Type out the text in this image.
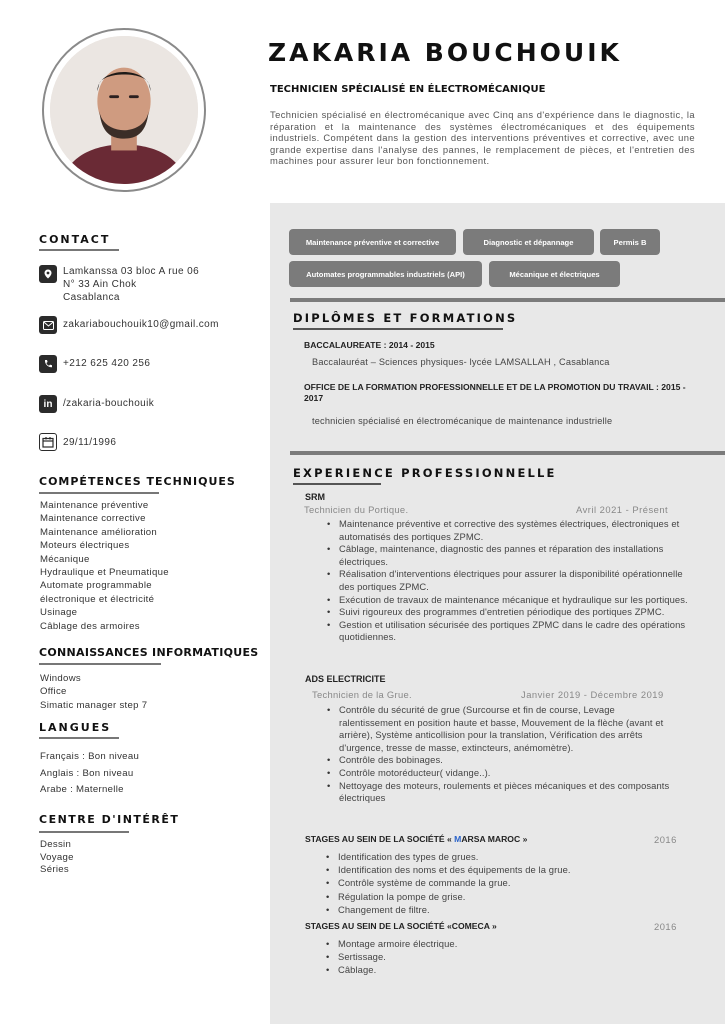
ZAKARIA BOUCHOUIK
TECHNICIEN SPÉCIALISÉ EN ÉLECTROMÉCANIQUE
Technicien spécialisé en électromécanique avec Cinq ans d'expérience dans le diagnostic, la réparation et la maintenance des systèmes électromécaniques et des équipements industriels. Compétent dans la gestion des interventions préventives et corrective, avec une grande expertise dans l'analyse des pannes, le remplacement de pièces, et l'entretien des machines pour assurer leur bon fonctionnement.
CONTACT
Lamkanssa 03 bloc A rue 06
N° 33 Ain Chok
Casablanca
zakariabouchouik10@gmail.com
+212 625 420 256
in	/zakaria-bouchouik
29/11/1996
COMPÉTENCES TECHNIQUES
Maintenance préventive
Maintenance corrective
Maintenance amélioration
Moteurs électriques
Mécanique
Hydraulique et Pneumatique
Automate programmable
électronique et électricité
Usinage
Câblage des armoires
CONNAISSANCES INFORMATIQUES
Windows
Office
Simatic manager step 7
LANGUES
Français : Bon niveau
Anglais : Bon niveau
Arabe : Maternelle
CENTRE D'INTÉRÊT
Dessin
Voyage
Séries
Maintenance préventive et corrective	Diagnostic et dépannage	Permis B
Automates programmables industriels (API)	Mécanique et électriques
DIPLÔMES ET FORMATIONS
BACCALAUREATE : 2014 - 2015
Baccalauréat – Sciences physiques- lycée LAMSALLAH , Casablanca
OFFICE DE LA FORMATION PROFESSIONNELLE ET DE LA PROMOTION DU TRAVAIL : 2015 - 2017
technicien spécialisé en électromécanique de maintenance industrielle
EXPERIENCE PROFESSIONNELLE
SRM
Technicien du Portique.	Avril 2021 - Présent
• Maintenance préventive et corrective des systèmes électriques, électroniques et automatisés des portiques ZPMC.
• Câblage, maintenance, diagnostic des pannes et réparation des installations électriques.
• Réalisation d'interventions électriques pour assurer la disponibilité opérationnelle des portiques ZPMC.
• Exécution de travaux de maintenance mécanique et hydraulique sur les portiques.
• Suivi rigoureux des programmes d'entretien périodique des portiques ZPMC.
• Gestion et utilisation sécurisée des portiques ZPMC dans le cadre des opérations quotidiennes.
ADS ELECTRICITE
Technicien de la Grue.	Janvier 2019 - Décembre 2019
• Contrôle du sécurité de grue (Surcourse et fin de course, Levage ralentissement en position haute et basse, Mouvement de la flèche (avant et arrière), Système anticollision pour la translation, Vérification des arrêts d'urgence, tresse de masse, extincteurs, anémomètre).
• Contrôle des bobinages.
• Contrôle motoréducteur( vidange..).
• Nettoyage des moteurs, roulements et pièces mécaniques et des composants électriques
STAGES AU SEIN DE LA SOCIÉTÉ « MARSA MAROC »	2016
• Identification des types de grues.
• Identification des noms et des équipements de la grue.
• Contrôle système de commande la grue.
• Régulation la pompe de grise.
• Changement de filtre.
STAGES AU SEIN DE LA SOCIÉTÉ «COMECA »	2016
• Montage armoire électrique.
• Sertissage.
• Câblage.
